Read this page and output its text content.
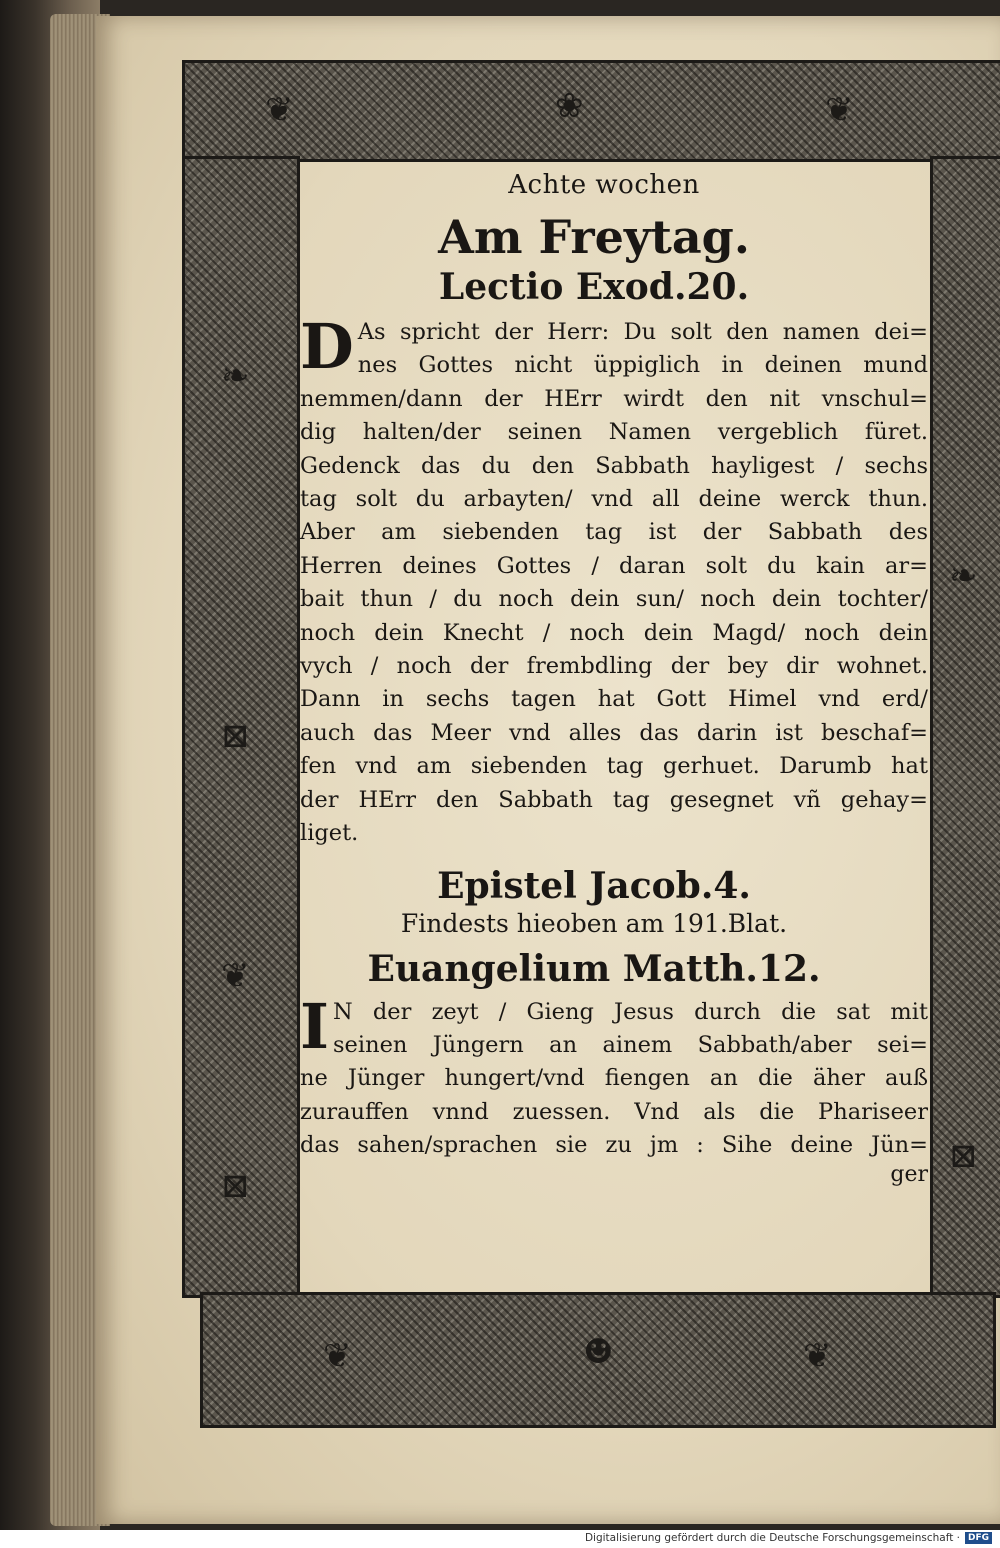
❀
❦	❦
❧
⊠
❦
⊠
❧
⊠
☻
❦	❦
Achte wochen
Am Freytag.
Lectio Exod.20.
D As spricht der Herr: Du solt den namen dei=
nes Gottes nicht üppiglich in deinen mund
nemmen/dann der HErr wirdt den nit vnschul=
dig halten/der seinen Namen vergeblich füret.
Gedenck das du den Sabbath hayligest / sechs
tag solt du arbayten/ vnd all deine werck thun.
Aber am siebenden tag ist der Sabbath des
Herren deines Gottes / daran solt du kain ar=
bait thun / du noch dein sun/ noch dein tochter/
noch dein Knecht / noch dein Magd/ noch dein
vych / noch der frembdling der bey dir wohnet.
Dann in sechs tagen hat Gott Himel vnd erd/
auch das Meer vnd alles das darin ist beschaf=
fen vnd am siebenden tag gerhuet. Darumb hat
der HErr den Sabbath tag gesegnet vñ gehay=
liget.
Epistel Jacob.4.
Findests hieoben am 191.Blat.
Euangelium Matth.12.
I N der zeyt / Gieng Jesus durch die sat mit
seinen Jüngern an ainem Sabbath/aber sei=
ne Jünger hungert/vnd fiengen an die äher auß
zurauffen vnnd zuessen. Vnd als die Phariseer
das sahen/sprachen sie zu jm : Sihe deine Jün=
ger
Digitalisierung gefördert durch die Deutsche Forschungsgemeinschaft · DFG
